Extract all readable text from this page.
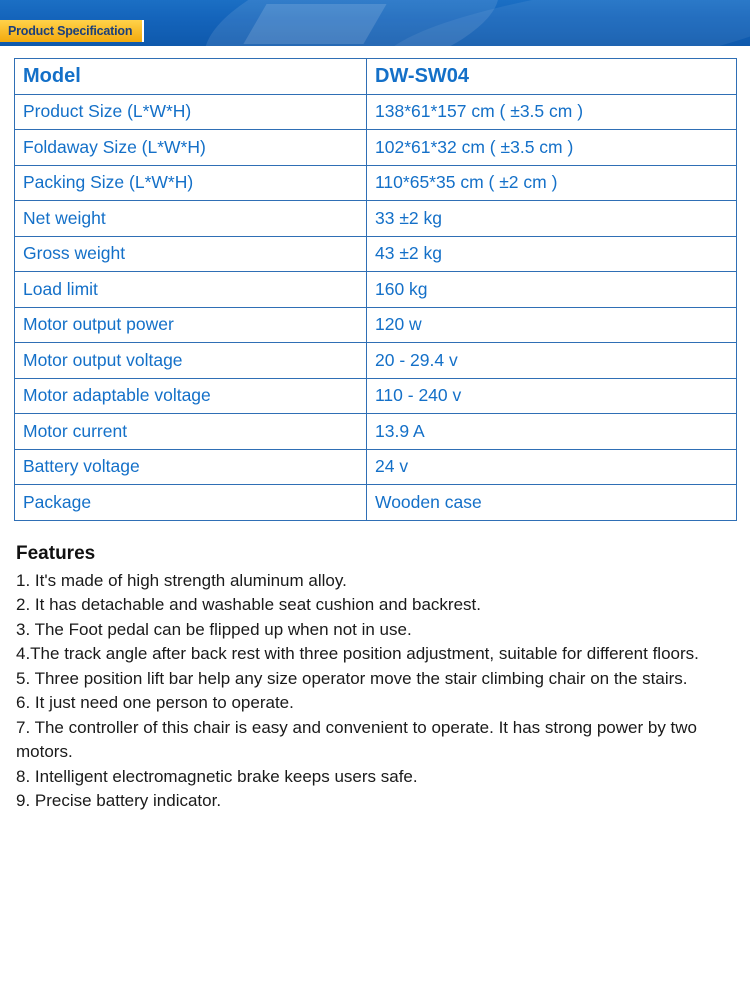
Product Specification
Model	DW-SW04
Product Size (L*W*H)	138*61*157 cm ( ±3.5 cm )
Foldaway Size (L*W*H)	102*61*32 cm ( ±3.5 cm )
Packing Size (L*W*H)	110*65*35 cm ( ±2 cm )
Net weight	33 ±2 kg
Gross weight	43 ±2 kg
Load limit	160 kg
Motor output power	120 w
Motor output voltage	20 - 29.4 v
Motor adaptable voltage	110 - 240 v
Motor current	13.9 A
Battery voltage	24 v
Package	Wooden case
Features

1. It's made of high strength aluminum alloy.

2. It has detachable and washable seat cushion and backrest.

3. The Foot pedal can be flipped up when not in use.

4.The track angle after back rest with three position adjustment, suitable for different floors.

5. Three position lift bar help any size operator move the stair climbing chair on the stairs.

6. It just need one person to operate.

7. The controller of this chair is easy and convenient to operate. It has strong power by two motors.

8. Intelligent electromagnetic brake keeps users safe.

9. Precise battery indicator.
